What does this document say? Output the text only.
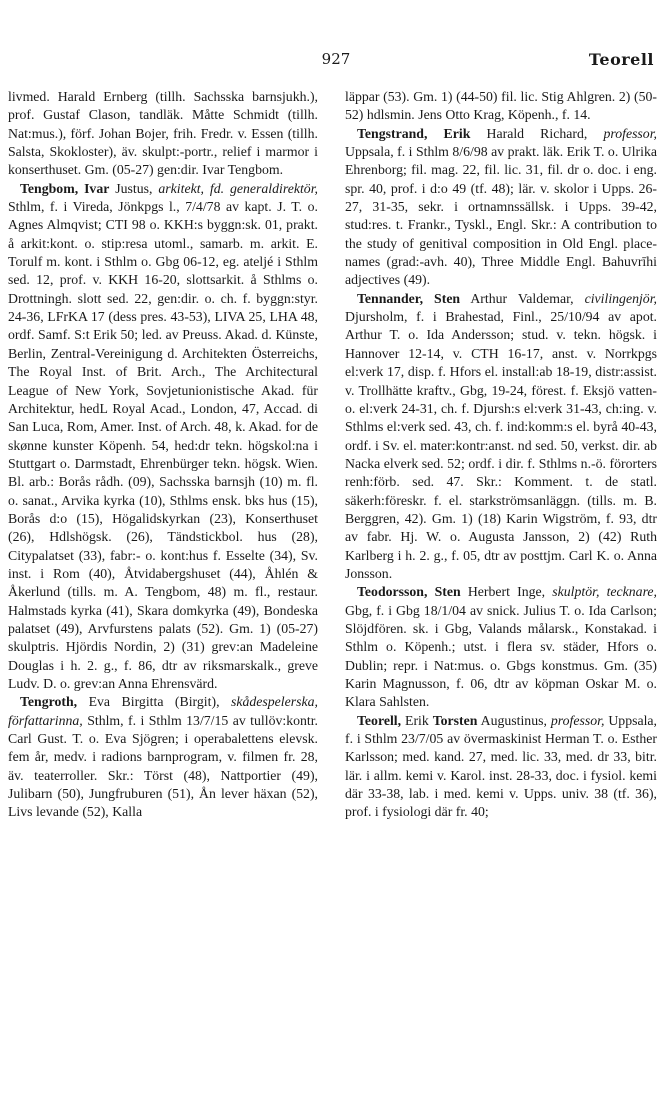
927	Teorell

livmed. Harald Ernberg (tillh. Sachsska barnsjukh.), prof. Gustaf Clason, tandläk. Måtte Schmidt (tillh. Nat:mus.), förf. Johan Bojer, frih. Fredr. v. Essen (tillh. Salsta, Skokloster), äv. skulpt:-portr., relief i marmor i konserthuset. Gm. (05-27) gen:dir. Ivar Tengbom.

Tengbom, Ivar Justus, arkitekt, fd. generaldirektör, Sthlm, f. i Vireda, Jönkpgs l., 7/4/78 av kapt. J. T. o. Agnes Almqvist; CTI 98 o. KKH:s byggn:sk. 01, prakt. å arkit:kont. o. stip:resa utoml., samarb. m. arkit. E. Torulf m. kont. i Sthlm o. Gbg 06-12, eg. ateljé i Sthlm sed. 12, prof. v. KKH 16-20, slottsarkit. å Sthlms o. Drottningh. slott sed. 22, gen:dir. o. ch. f. byggn:styr. 24-36, LFrKA 17 (dess pres. 43-53), LIVA 25, LHA 48, ordf. Samf. S:t Erik 50; led. av Preuss. Akad. d. Künste, Berlin, Zentral-Vereinigung d. Architekten Österreichs, The Royal Inst. of Brit. Arch., The Architectural League of New York, Sovjetunionistische Akad. für Architektur, hedL Royal Acad., London, 47, Accad. di San Luca, Rom, Amer. Inst. of Arch. 48, k. Akad. for de skønne kunster Köpenh. 54, hed:dr tekn. högskol:na i Stuttgart o. Darmstadt, Ehrenbürger tekn. högsk. Wien. Bl. arb.: Borås rådh. (09), Sachsska barnsjh (10) m. fl. o. sanat., Arvika kyrka (10), Sthlms ensk. bks hus (15), Borås d:o (15), Högalidskyrkan (23), Konserthuset (26), Hdlshögsk. (26), Tändstickbol. hus (28), Citypalatset (33), fabr:- o. kont:hus f. Esselte (34), Sv. inst. i Rom (40), Åtvidabergshuset (44), Åhlén & Åkerlund (tills. m. A. Tengbom, 48) m. fl., restaur. Halmstads kyrka (41), Skara domkyrka (49), Bondeska palatset (49), Arvfurstens palats (52). Gm. 1) (05-27) skulptris. Hjördis Nordin, 2) (31) grev:an Madeleine Douglas i h. 2. g., f. 86, dtr av riksmarskalk., greve Ludv. D. o. grev:an Anna Ehrensvärd.

Tengroth, Eva Birgitta (Birgit), skådespelerska, författarinna, Sthlm, f. i Sthlm 13/7/15 av tullöv:kontr. Carl Gust. T. o. Eva Sjögren; i operabalettens elevsk. fem år, medv. i radions barnprogram, v. filmen fr. 28, äv. teaterroller. Skr.: Törst (48), Nattportier (49), Julibarn (50), Jungfruburen (51), Ån lever häxan (52), Livs levande (52), Kalla

läppar (53). Gm. 1) (44-50) fil. lic. Stig Ahlgren. 2) (50-52) hdlsmin. Jens Otto Krag, Köpenh., f. 14.

Tengstrand, Erik Harald Richard, professor, Uppsala, f. i Sthlm 8/6/98 av prakt. läk. Erik T. o. Ulrika Ehrenborg; fil. mag. 22, fil. lic. 31, fil. dr o. doc. i eng. spr. 40, prof. i d:o 49 (tf. 48); lär. v. skolor i Upps. 26-27, 31-35, sekr. i ortnamnssällsk. i Upps. 39-42, stud:res. t. Frankr., Tyskl., Engl. Skr.: A contribution to the study of genitival composition in Old Engl. place-names (grad:-avh. 40), Three Middle Engl. Bahuvrīhi adjectives (49).

Tennander, Sten Arthur Valdemar, civilingenjör, Djursholm, f. i Brahestad, Finl., 25/10/94 av apot. Arthur T. o. Ida Andersson; stud. v. tekn. högsk. i Hannover 12-14, v. CTH 16-17, anst. v. Norrkpgs el:verk 17, disp. f. Hfors el. install:ab 18-19, distr:assist. v. Trollhätte kraftv., Gbg, 19-24, förest. f. Eksjö vatten- o. el:verk 24-31, ch. f. Djursh:s el:verk 31-43, ch:ing. v. Sthlms el:verk sed. 43, ch. f. ind:komm:s el. byrå 40-43, ordf. i Sv. el. mater:kontr:anst. nd sed. 50, verkst. dir. ab Nacka elverk sed. 52; ordf. i dir. f. Sthlms n.-ö. förorters renh:förb. sed. 47. Skr.: Komment. t. de statl. säkerh:föreskr. f. el. starkströmsanläggn. (tills. m. B. Berggren, 42). Gm. 1) (18) Karin Wigström, f. 93, dtr av fabr. Hj. W. o. Augusta Jansson, 2) (42) Ruth Karlberg i h. 2. g., f. 05, dtr av posttjm. Carl K. o. Anna Jonsson.

Teodorsson, Sten Herbert Inge, skulptör, tecknare, Gbg, f. i Gbg 18/1/04 av snick. Julius T. o. Ida Carlson; Slöjdfören. sk. i Gbg, Valands målarsk., Konstakad. i Sthlm o. Köpenh.; utst. i flera sv. städer, Hfors o. Dublin; repr. i Nat:mus. o. Gbgs konstmus. Gm. (35) Karin Magnusson, f. 06, dtr av köpman Oskar M. o. Klara Sahlsten.

Teorell, Erik Torsten Augustinus, professor, Uppsala, f. i Sthlm 23/7/05 av övermaskinist Herman T. o. Esther Karlsson; med. kand. 27, med. lic. 33, med. dr 33, bitr. lär. i allm. kemi v. Karol. inst. 28-33, doc. i fysiol. kemi där 33-38, lab. i med. kemi v. Upps. univ. 38 (tf. 36), prof. i fysiologi där fr. 40;
